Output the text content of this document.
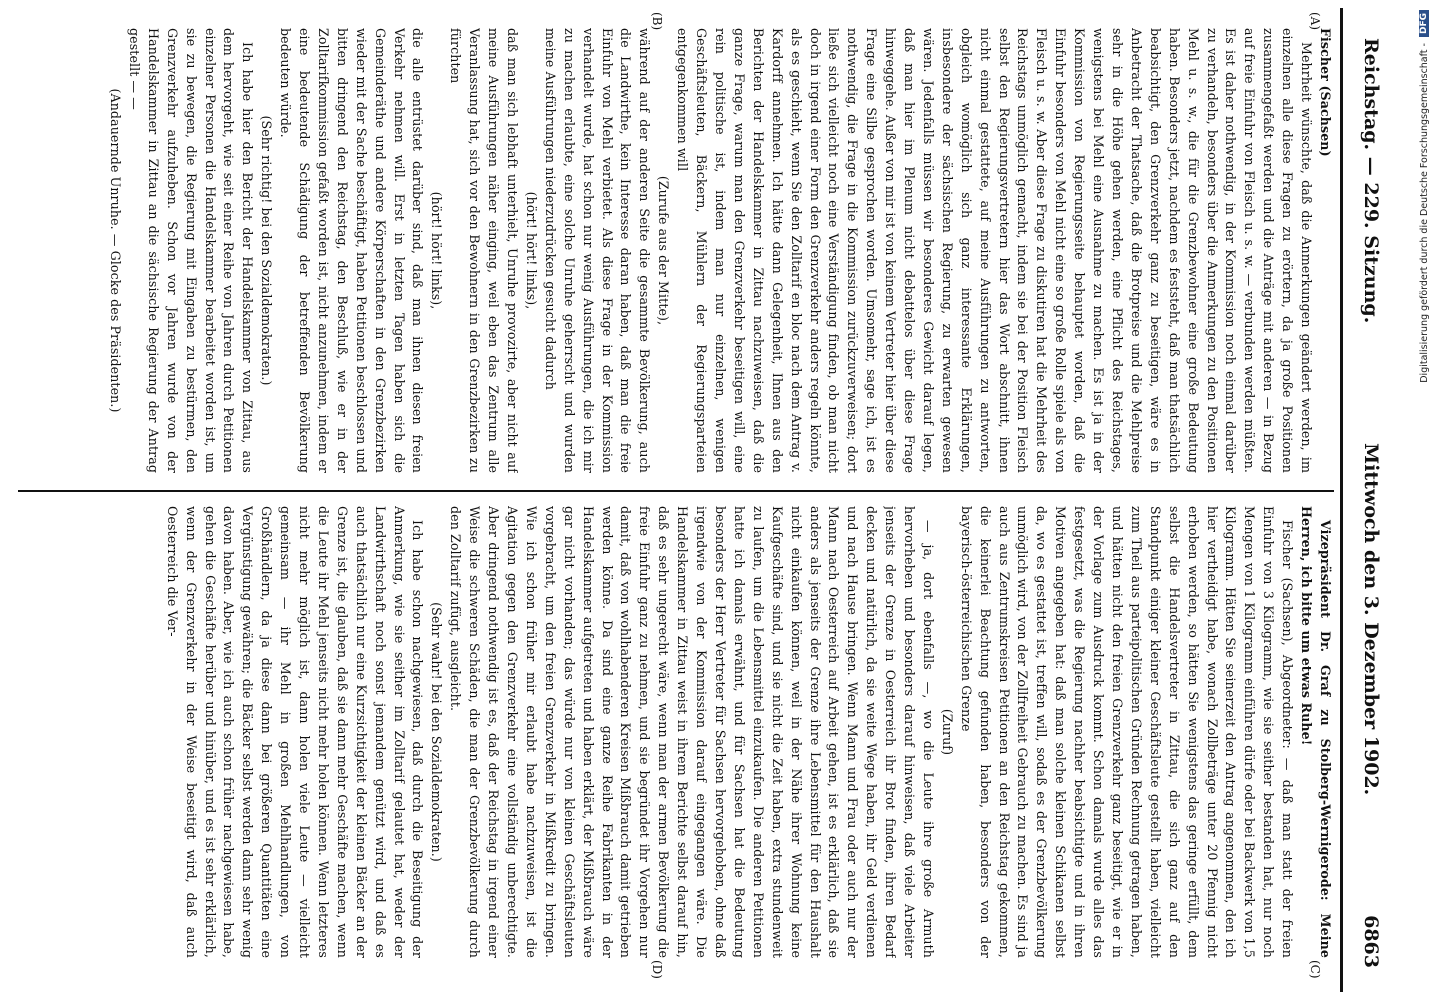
Reichstag. — 229. Sitzung.
Mittwoch den 3. Dezember 1902.
6863
(A)
(B)
(C)
(D)

Fischer (Sachsen)

Mehrheit wünschte, daß die Anmerkungen geändert werden, im einzelnen alle diese Fragen zu erörtern, da ja große Positionen zusammengefaßt werden und die Anträge mit anderen — in Bezug auf freie Einfuhr von Fleisch u. s. w. — verbunden werden müßten. Es ist daher nothwendig, in der Kommission noch einmal darüber zu verhandeln, besonders über die Anmerkungen zu den Positionen Mehl u. s. w., die für die Grenzbewohner eine große Bedeutung haben. Besonders jetzt, nachdem es feststeht, daß man thatsächlich beabsichtigt, den Grenzverkehr ganz zu beseitigen, wäre es in Anbetracht der Thatsache, daß die Brotpreise und die Mehlpreise sehr in die Höhe gehen werden, eine Pflicht des Reichstages, wenigstens bei Mehl eine Ausnahme zu machen. Es ist ja in der Kommission von Regierungsseite behauptet worden, daß die Einfuhr besonders von Mehl nicht eine so große Rolle spiele als von Fleisch u. s. w. Aber diese Frage zu diskutiren hat die Mehrheit des Reichstags unmöglich gemacht, indem sie bei der Position Fleisch selbst den Regierungsvertretern hier das Wort abschnitt, ihnen nicht einmal gestattete, auf meine Ausführungen zu antworten, obgleich womöglich sich ganz interessante Erklärungen, insbesondere der sächsischen Regierung, zu erwarten gewesen wären. Jedenfalls müssen wir besonderes Gewicht darauf legen, daß man hier im Plenum nicht debattelos über diese Frage hinweggehe. Außer von mir ist von keinem Vertreter hier über diese Frage eine Silbe gesprochen worden. Umsomehr, sage ich, ist es nothwendig, die Frage in die Kommission zurückzuverweisen; dort ließe sich vielleicht noch eine Verständigung finden, ob man nicht doch in irgend einer Form den Grenzverkehr anders regeln könnte, als es geschieht, wenn Sie den Zolltarif en bloc nach dem Antrag v. Kardorff annehmen. Ich hätte dann Gelegenheit, Ihnen aus den Berichten der Handelskammer in Zittau nachzuweisen, daß die ganze Frage, warum man den Grenzverkehr beseitigen will, eine rein politische ist, indem man nur einzelnen, wenigen Geschäftsleuten, Bäckern, Mühlern der Regierungsparteien entgegenkommen will

(Zurufe aus der Mitte),

während auf der anderen Seite die gesammte Bevölkerung, auch die Landwirthe, kein Interesse daran haben, daß man die freie Einfuhr von Mehl verbietet. Als diese Frage in der Kommission verhandelt wurde, hat schon nur wenig Ausführungen, die ich mir zu machen erlaubte, eine solche Unruhe geherrscht und wurden meine Ausführungen niederzudrücken gesucht dadurch

(hört! hört! links),

daß man sich lebhaft unterhielt, Unruhe provozirte, aber nicht auf meine Ausführungen näher einging, weil eben das Zentrum alle Veranlassung hat, sich vor den Bewohnern in den Grenzbezirken zu fürchten

(hört! hört! links),

die alle entrüstet darüber sind, daß man ihnen diesen freien Verkehr nehmen will. Erst in letzten Tagen haben sich die Gemeinderäthe und andere Körperschaften in den Grenzbezirken wieder mit der Sache beschäftigt, haben Petitionen beschlossen und bitten dringend den Reichstag, den Beschluß, wie er in der Zolltarifkommission gefaßt worden ist, nicht anzunehmen, indem er eine bedeutende Schädigung der betreffenden Bevölkerung bedeuten würde.

(Sehr richtig! bei den Sozialdemokraten.)

Ich habe hier den Bericht der Handelskammer von Zittau, aus dem hervorgeht, wie seit einer Reihe von Jahren durch Petitionen einzelner Personen die Handelskammer bearbeitet worden ist, um sie zu bewegen, die Regierung mit Eingaben zu bestürmen, den Grenzverkehr aufzuheben. Schon vor Jahren wurde von der Handelskammer in Zittau an die sächsische Regierung der Antrag gestellt — —

(Andauernde Unruhe. — Glocke des Präsidenten.)

Vizepräsident Dr. Graf zu Stolberg-Wernigerode: Meine Herren, ich bitte um etwas Ruhe!

Fischer (Sachsen), Abgeordneter: — daß man statt der freien Einfuhr von 3 Kilogramm, wie sie seither bestanden hat, nur noch Mengen von 1 Kilogramm einführen dürfe oder bei Backwerk von 1,5 Kilogramm. Hätten Sie seinerzeit den Antrag angenommen, den ich hier vertheidigt habe, wonach Zollbeträge unter 20 Pfennig nicht erhoben werden, so hätten Sie wenigstens das geringe erfüllt, dem selbst die Handelsvertreter in Zittau, die sich ganz auf den Standpunkt einiger kleiner Geschäftsleute gestellt haben, vielleicht zum Theil aus parteipolitischen Gründen Rechnung getragen haben, und hätten nicht den freien Grenzverkehr ganz beseitigt, wie er in der Vorlage zum Ausdruck kommt. Schon damals wurde alles das festgesetzt, was die Regierung nachher beabsichtigte und in ihren Motiven angegeben hat: daß man solche kleinen Schikanen selbst da, wo es gestattet ist, treffen will, sodaß es der Grenzbevölkerung unmöglich wird, von der Zollfreiheit Gebrauch zu machen. Es sind ja auch aus Zentrumskreisen Petitionen an den Reichstag gekommen, die keinerlei Beachtung gefunden haben, besonders von der bayerisch-österreichischen Grenze

(Zuruf)

— ja, dort ebenfalls —, wo die Leute ihre große Armuth hervorheben und besonders darauf hinweisen, daß viele Arbeiter jenseits der Grenze in Oesterreich ihr Brot finden, ihren Bedarf decken und natürlich, da sie weite Wege haben, ihr Geld verdienen und nach Hause bringen. Wenn Mann und Frau oder auch nur der Mann nach Oesterreich auf Arbeit gehen, ist es erklärlich, daß sie anders als jenseits der Grenze ihre Lebensmittel für den Haushalt nicht einkaufen können, weil in der Nähe ihrer Wohnung keine Kaufgeschäfte sind, und sie nicht die Zeit haben, extra stundenweit zu laufen, um die Lebensmittel einzukaufen. Die anderen Petitionen hatte ich damals erwähnt, und für Sachsen hat die Bedeutung besonders der Herr Vertreter für Sachsen hervorgehoben, ohne daß irgendwie von der Kommission darauf eingegangen wäre. Die Handelskammer in Zittau weist in ihrem Berichte selbst darauf hin, daß es sehr ungerecht wäre, wenn man der armen Bevölkerung die freie Einfuhr ganz zu nehmen, und sie begründet ihr Vorgehen nur damit, daß von wohlhabenderen Kreisen Mißbrauch damit getrieben werden könne. Da sind eine ganze Reihe Fabrikanten in der Handelskammer aufgetreten und haben erklärt, der Mißbrauch wäre gar nicht vorhanden; das würde nur von kleinen Geschäftsleuten vorgebracht, um den freien Grenzverkehr in Mißkredit zu bringen. Wie ich schon früher mir erlaubt habe nachzuweisen, ist die Agitation gegen den Grenzverkehr eine vollständig unberechtigte. Aber dringend nothwendig ist es, daß der Reichstag in irgend einer Weise die schweren Schäden, die man der Grenzbevölkerung durch den Zolltarif zufügt, ausgleicht.

(Sehr wahr! bei den Sozialdemokraten.)

Ich habe schon nachgewiesen, daß durch die Beseitigung der Anmerkung, wie sie seither im Zolltarif gelautet hat, weder der Landwirthschaft noch sonst jemandem genützt wird, und daß es auch thatsächlich nur eine Kurzsichtigkeit der kleinen Bäcker an der Grenze ist, die glauben, daß sie dann mehr Geschäfte machen, wenn die Leute ihr Mehl jenseits nicht mehr holen können. Wenn letzteres nicht mehr möglich ist, dann holen viele Leute — vielleicht gemeinsam — ihr Mehl in großen Mehlhandlungen, von Großhändlern, da ja diese dann bei größeren Quantitäten eine Vergünstigung gewähren; die Bäcker selbst werden dann sehr wenig davon haben. Aber, wie ich auch schon früher nachgewiesen habe, gehen die Geschäfte herüber und hinüber, und es ist sehr erklärlich, wenn der Grenzverkehr in der Weise beseitigt wird, daß auch Oesterreich die Ver-

Digitalisierung gefördert durch die Deutsche Forschungsgemeinschaft -
DFG
